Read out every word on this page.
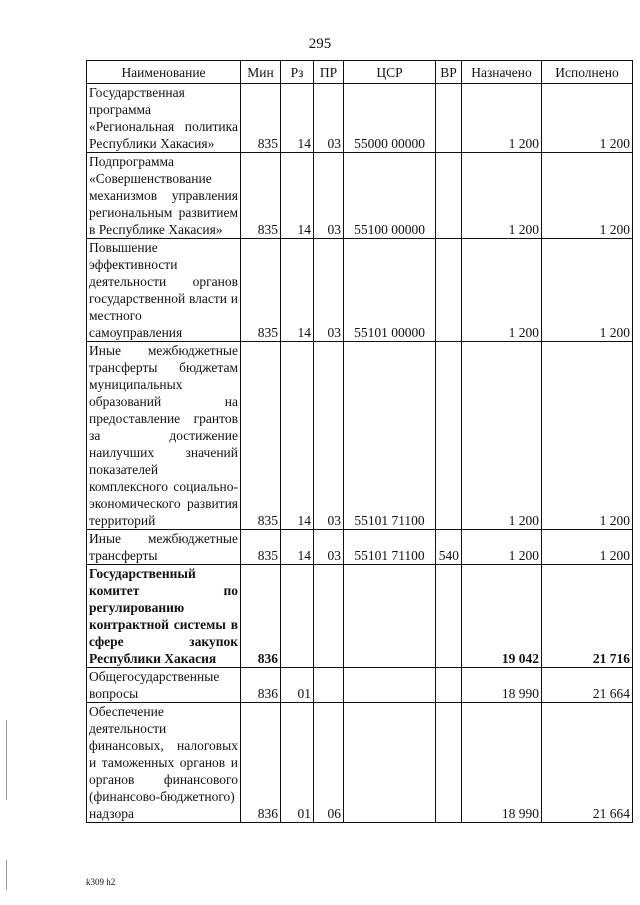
295
Наименование	Мин	Рз	ПР	ЦСР	ВР	Назначено	Исполнено
Государственная программа «Региональная политика Республики Хакасия»	835	14	03	55000 00000		1 200	1 200
Подпрограмма «Совершенствование механизмов управления региональным развитием в Республике Хакасия»	835	14	03	55100 00000		1 200	1 200
Повышение эффективности деятельности органов государственной власти и местного самоуправления	835	14	03	55101 00000		1 200	1 200
Иные межбюджетные трансферты бюджетам муниципальных образований на предоставление грантов за достижение наилучших значений показателей комплексного социально-экономического развития территорий	835	14	03	55101 71100		1 200	1 200
Иные межбюджетные трансферты	835	14	03	55101 71100	540	1 200	1 200
Государственный комитет по регулированию контрактной системы в сфере закупок Республики Хакасия	836					19 042	21 716
Общегосударственные вопросы	836	01				18 990	21 664
Обеспечение деятельности финансовых, налоговых и таможенных органов и органов финансового (финансово-бюджетного) надзора	836	01	06			18 990	21 664
k309 h2
